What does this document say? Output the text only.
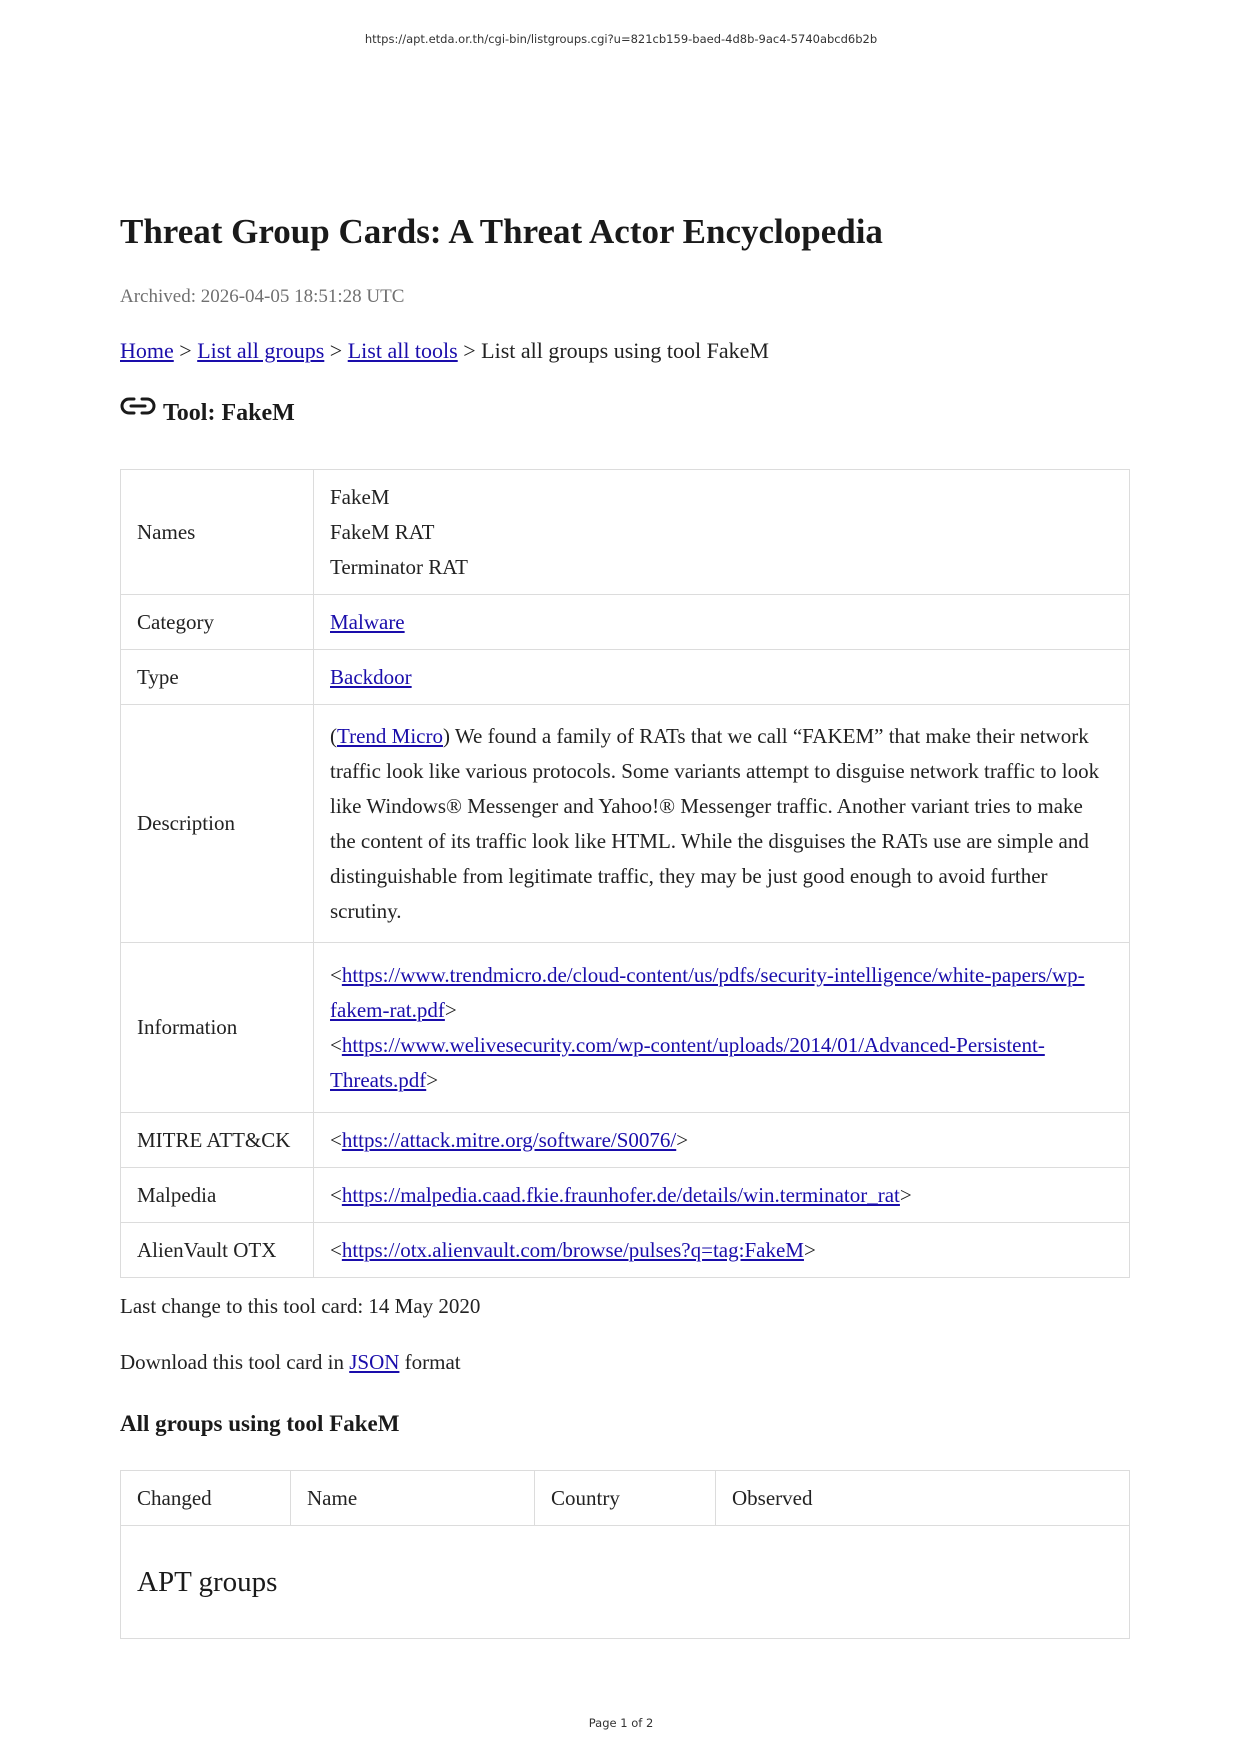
https://apt.etda.or.th/cgi-bin/listgroups.cgi?u=821cb159-baed-4d8b-9ac4-5740abcd6b2b
Threat Group Cards: A Threat Actor Encyclopedia
Archived: 2026-04-05 18:51:28 UTC
Home > List all groups > List all tools > List all groups using tool FakeM
Tool: FakeM
Names	FakeM
FakeM RAT
Terminator RAT

Category	Malware
Type	Backdoor
Description	(Trend Micro) We found a family of RATs that we call “FAKEM” that make their network traffic look like various protocols. Some variants attempt to disguise network traffic to look like Windows® Messenger and Yahoo!® Messenger traffic. Another variant tries to make the content of its traffic look like HTML. While the disguises the RATs use are simple and distinguishable from legitimate traffic, they may be just good enough to avoid further scrutiny.
Information	<https://www.trendmicro.de/cloud-content/us/pdfs/security-intelligence/white-papers/wp-fakem-rat.pdf>
<https://www.welivesecurity.com/wp-content/uploads/2014/01/Advanced-Persistent-Threats.pdf>

MITRE ATT&CK	<https://attack.mitre.org/software/S0076/>
Malpedia	<https://malpedia.caad.fkie.fraunhofer.de/details/win.terminator_rat>
AlienVault OTX	<https://otx.alienvault.com/browse/pulses?q=tag:FakeM>
Last change to this tool card: 14 May 2020
Download this tool card in JSON format
All groups using tool FakeM
Changed	Name	Country	Observed
APT groups
Page 1 of 2
